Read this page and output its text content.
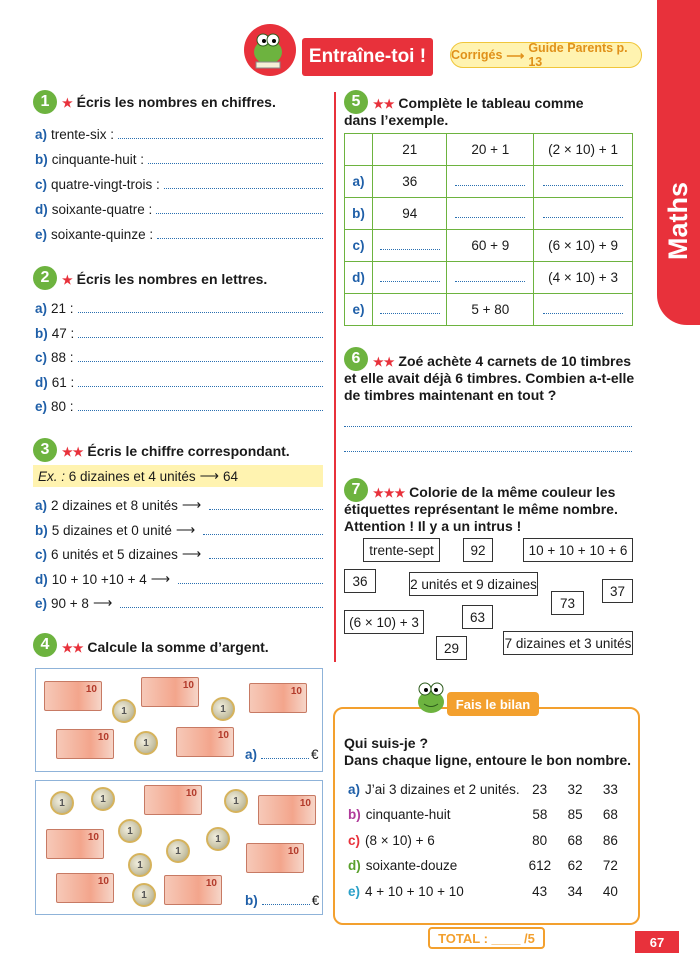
Entraîne-toi !	Corrigés ⟶
Guide Parents p. 13
Maths
1	★ Écris les nombres en chiffres.
a) trente-six :
b) cinquante-huit :
c) quatre-vingt-trois :
d) soixante-quatre :
e) soixante-quinze :
2	★ Écris les nombres en lettres.
a) 21 :
b) 47 :
c) 88 :
d) 61 :
e) 80 :
3	★★ Écris le chiffre correspondant.
Ex. :
6 dizaines et 4 unités ⟶ 64
a) 2 dizaines et 8 unités ⟶
b) 5 dizaines et 0 unité ⟶
c) 6 unités et 5 dizaines ⟶
d) 10 + 10 +10 + 4 ⟶
e) 90 + 8 ⟶
4	★★ Calcule la somme d’argent.
10
1
10	1
10
10
1
10
a)	€
1	1 10	1
10
10
1
1
1
10
1
10
1 10	b)	€
5	★★ Complète le tableau comme
dans l’exemple.
	21	20 + 1	(2 × 10) + 1
a)	36		
b)	94		
c)		60 + 9	(6 × 10) + 9
d)			(4 × 10) + 3
e)		5 + 80	
6	★★ Zoé achète 4 carnets de 10 timbres
et elle avait déjà 6 timbres. Combien a-t-elle
de timbres maintenant en tout ?
7	★★★ Colorie de la même couleur les
étiquettes représentant le même nombre.
Attention ! Il y a un intrus !
trente-sept	92	10 + 10 + 10 + 6
36	2 unités et 9 dizaines	37
73
63
(6 × 10) + 3
29	7 dizaines et 3 unités
Fais le bilan
Qui suis-je ?
Dans chaque ligne, entoure le bon nombre.
a) J’ai 3 dizaines et 2 unités. 23	32	33
b) cinquante-huit	58	85	68
c) (8 × 10) + 6	80	68	86
d) soixante-douze	612	62	72
e) 4 + 10 + 10 + 10	43	34	40
TOTAL : ____ /5	67
